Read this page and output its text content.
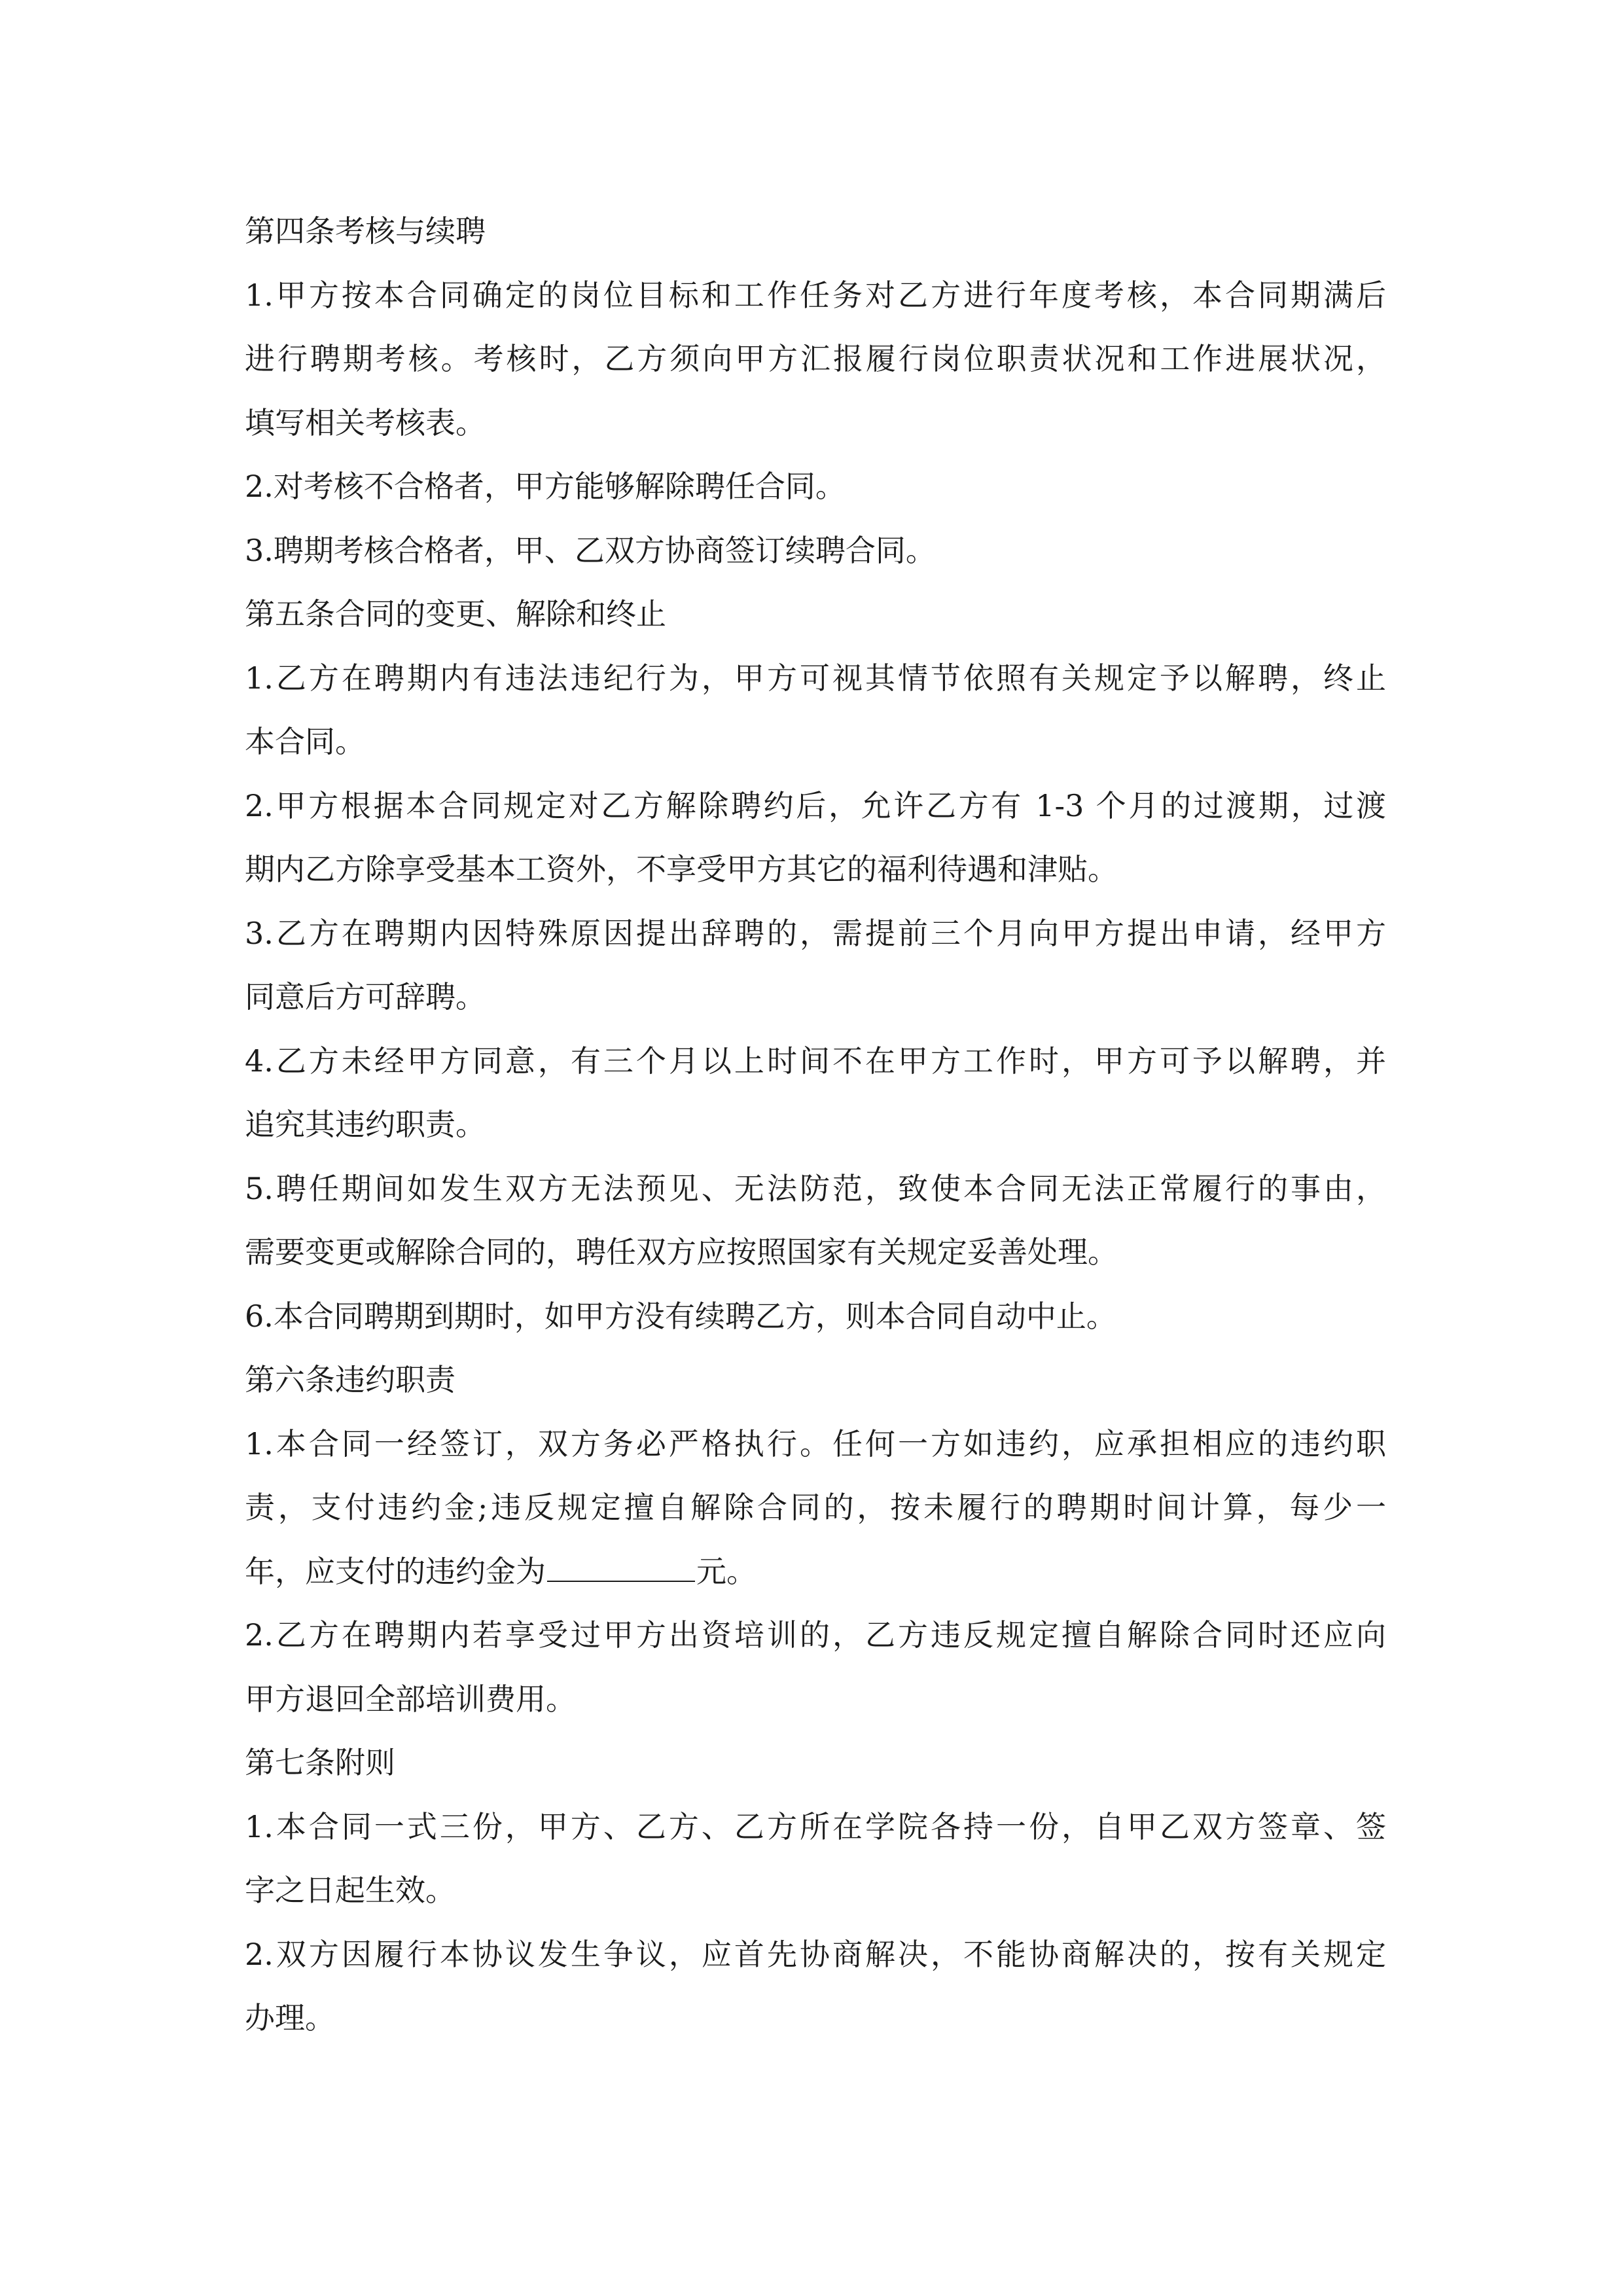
第四条考核与续聘
1.甲方按本合同确定的岗位目标和工作任务对乙方进行年度考核，本合同期满后
进行聘期考核。考核时，乙方须向甲方汇报履行岗位职责状况和工作进展状况，
填写相关考核表。
2.对考核不合格者，甲方能够解除聘任合同。
3.聘期考核合格者，甲、乙双方协商签订续聘合同。
第五条合同的变更、解除和终止
1.乙方在聘期内有违法违纪行为，甲方可视其情节依照有关规定予以解聘，终止
本合同。
2.甲方根据本合同规定对乙方解除聘约后，允许乙方有 1-3 个月的过渡期，过渡
期内乙方除享受基本工资外，不享受甲方其它的福利待遇和津贴。
3.乙方在聘期内因特殊原因提出辞聘的，需提前三个月向甲方提出申请，经甲方
同意后方可辞聘。
4.乙方未经甲方同意，有三个月以上时间不在甲方工作时，甲方可予以解聘，并
追究其违约职责。
5.聘任期间如发生双方无法预见、无法防范，致使本合同无法正常履行的事由，
需要变更或解除合同的，聘任双方应按照国家有关规定妥善处理。
6.本合同聘期到期时，如甲方没有续聘乙方，则本合同自动中止。
第六条违约职责
1.本合同一经签订，双方务必严格执行。任何一方如违约，应承担相应的违约职
责，支付违约金;违反规定擅自解除合同的，按未履行的聘期时间计算，每少一
年，应支付的违约金为	元。
2.乙方在聘期内若享受过甲方出资培训的，乙方违反规定擅自解除合同时还应向
甲方退回全部培训费用。
第七条附则
1.本合同一式三份，甲方、乙方、乙方所在学院各持一份，自甲乙双方签章、签
字之日起生效。
2.双方因履行本协议发生争议，应首先协商解决，不能协商解决的，按有关规定
办理。
